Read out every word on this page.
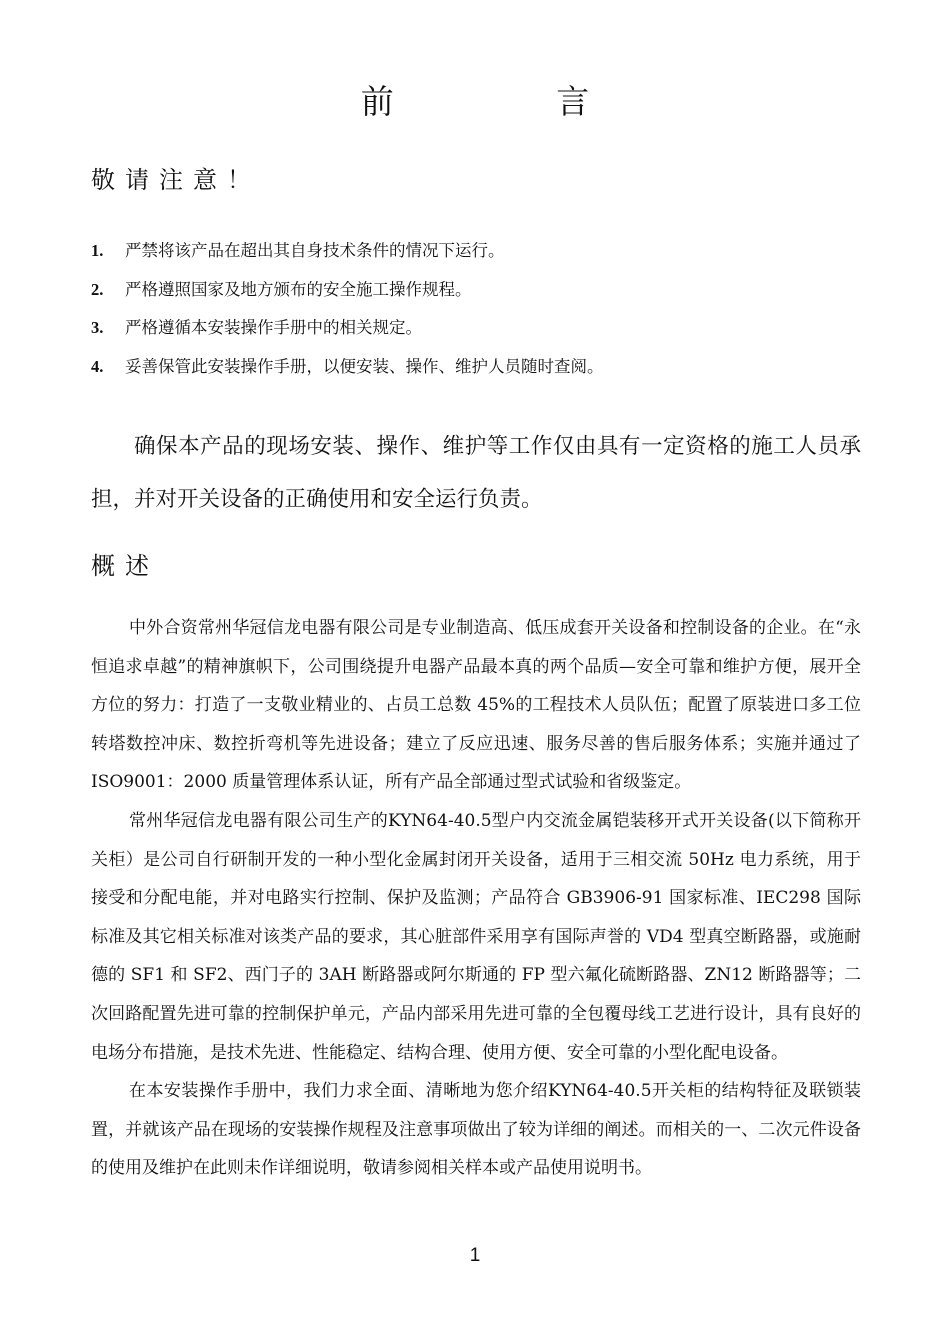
前 言
敬请注意！
1. 严禁将该产品在超出其自身技术条件的情况下运行。
2. 严格遵照国家及地方颁布的安全施工操作规程。
3. 严格遵循本安装操作手册中的相关规定。
4. 妥善保管此安装操作手册，以便安装、操作、维护人员随时查阅。

确保本产品的现场安装、操作、维护等工作仅由具有一定资格的施工人员承担，并对开关设备的正确使用和安全运行负责。

概述

中外合资常州华冠信龙电器有限公司是专业制造高、低压成套开关设备和控制设备的企业。在“永恒追求卓越”的精神旗帜下，公司围绕提升电器产品最本真的两个品质—安全可靠和维护方便，展开全方位的努力：打造了一支敬业精业的、占员工总数 45%的工程技术人员队伍；配置了原装进口多工位转塔数控冲床、数控折弯机等先进设备；建立了反应迅速、服务尽善的售后服务体系；实施并通过了 ISO9001：2000 质量管理体系认证，所有产品全部通过型式试验和省级鉴定。

常州华冠信龙电器有限公司生产的KYN64-40.5型户内交流金属铠装移开式开关设备(以下简称开关柜）是公司自行研制开发的一种小型化金属封闭开关设备，适用于三相交流 50Hz 电力系统，用于接受和分配电能，并对电路实行控制、保护及监测；产品符合 GB3906-91 国家标准、IEC298 国际标准及其它相关标准对该类产品的要求，其心脏部件采用享有国际声誉的 VD4 型真空断路器，或施耐德的 SF1 和 SF2、西门子的 3AH 断路器或阿尔斯通的 FP 型六氟化硫断路器、ZN12 断路器等；二次回路配置先进可靠的控制保护单元，产品内部采用先进可靠的全包覆母线工艺进行设计，具有良好的电场分布措施，是技术先进、性能稳定、结构合理、使用方便、安全可靠的小型化配电设备。

在本安装操作手册中，我们力求全面、清晰地为您介绍KYN64-40.5开关柜的结构特征及联锁装置，并就该产品在现场的安装操作规程及注意事项做出了较为详细的阐述。而相关的一、二次元件设备的使用及维护在此则未作详细说明，敬请参阅相关样本或产品使用说明书。

1
